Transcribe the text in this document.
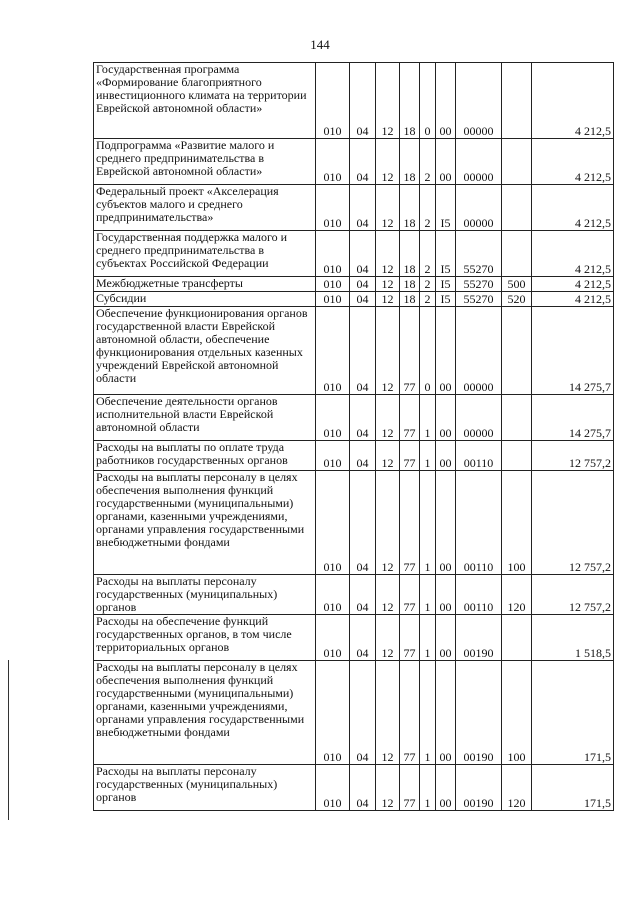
144
Государственная программа «Формирование благоприятного инвестиционного климата на территории Еврейской автономной области»	010	04	12	18	0	00	00000		4 212,5

Подпрограмма «Развитие малого и среднего предпринимательства в Еврейской автономной области»	010	04	12	18	2	00	00000		4 212,5

Федеральный проект «Акселерация субъектов малого и среднего предпринимательства»	010	04	12	18	2	I5	00000		4 212,5

Государственная поддержка малого и среднего предпринимательства в субъектах Российской Федерации	010	04	12	18	2	I5	55270		4 212,5

Межбюджетные трансферты	010	04	12	18	2	I5	55270	500	4 212,5

Субсидии	010	04	12	18	2	I5	55270	520	4 212,5

Обеспечение функционирования органов государственной власти Еврейской автономной области, обеспечение функционирования отдельных казенных учреждений Еврейской автономной области	010	04	12	77	0	00	00000		14 275,7

Обеспечение деятельности органов исполнительной власти Еврейской автономной области	010	04	12	77	1	00	00000		14 275,7

Расходы на выплаты по оплате труда работников государственных органов	010	04	12	77	1	00	00110		12 757,2

Расходы на выплаты персоналу в целях обеспечения выполнения функций государственными (муниципальными) органами, казенными учреждениями, органами управления государственными внебюджетными фондами	010	04	12	77	1	00	00110	100	12 757,2

Расходы на выплаты персоналу государственных (муниципальных) органов	010	04	12	77	1	00	00110	120	12 757,2

Расходы на обеспечение функций государственных органов, в том числе территориальных органов	010	04	12	77	1	00	00190		1 518,5

Расходы на выплаты персоналу в целях обеспечения выполнения функций государственными (муниципальными) органами, казенными учреждениями, органами управления государственными внебюджетными фондами	010	04	12	77	1	00	00190	100	171,5

Расходы на выплаты персоналу государственных (муниципальных) органов	010	04	12	77	1	00	00190	120	171,5
